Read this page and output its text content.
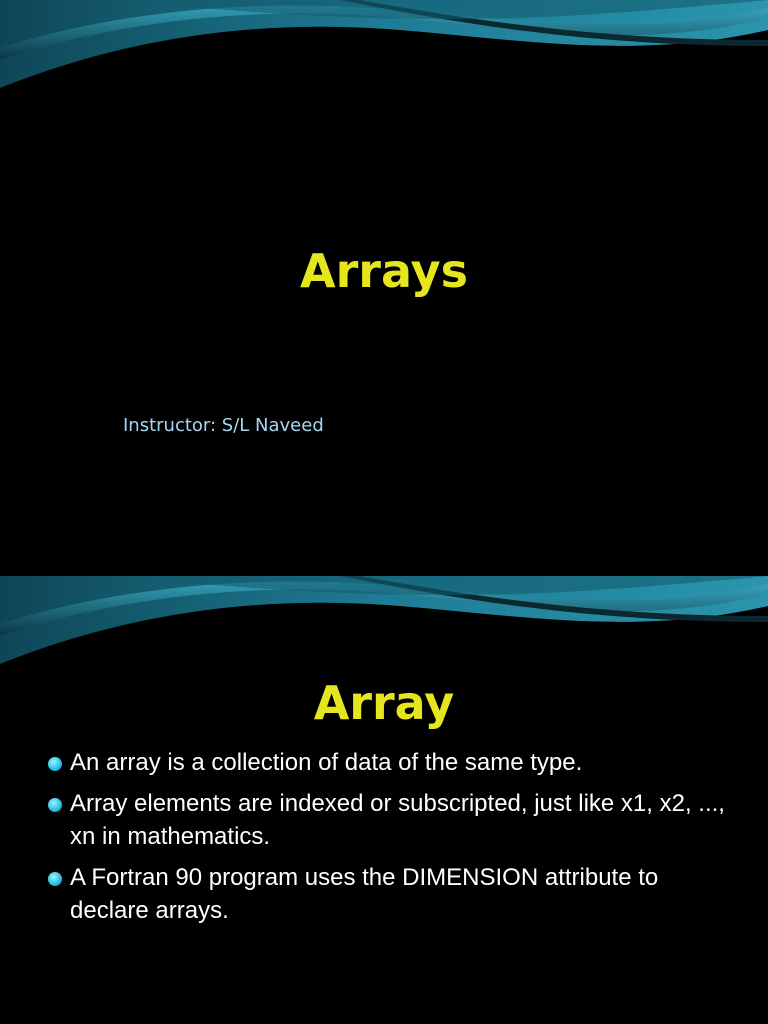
Arrays

Instructor: S/L Naveed

Array
An array is a collection of data of the same type.
Array elements are indexed or subscripted, just like x1, x2, ..., xn in mathematics.
A Fortran 90 program uses the DIMENSION attribute to declare arrays.
